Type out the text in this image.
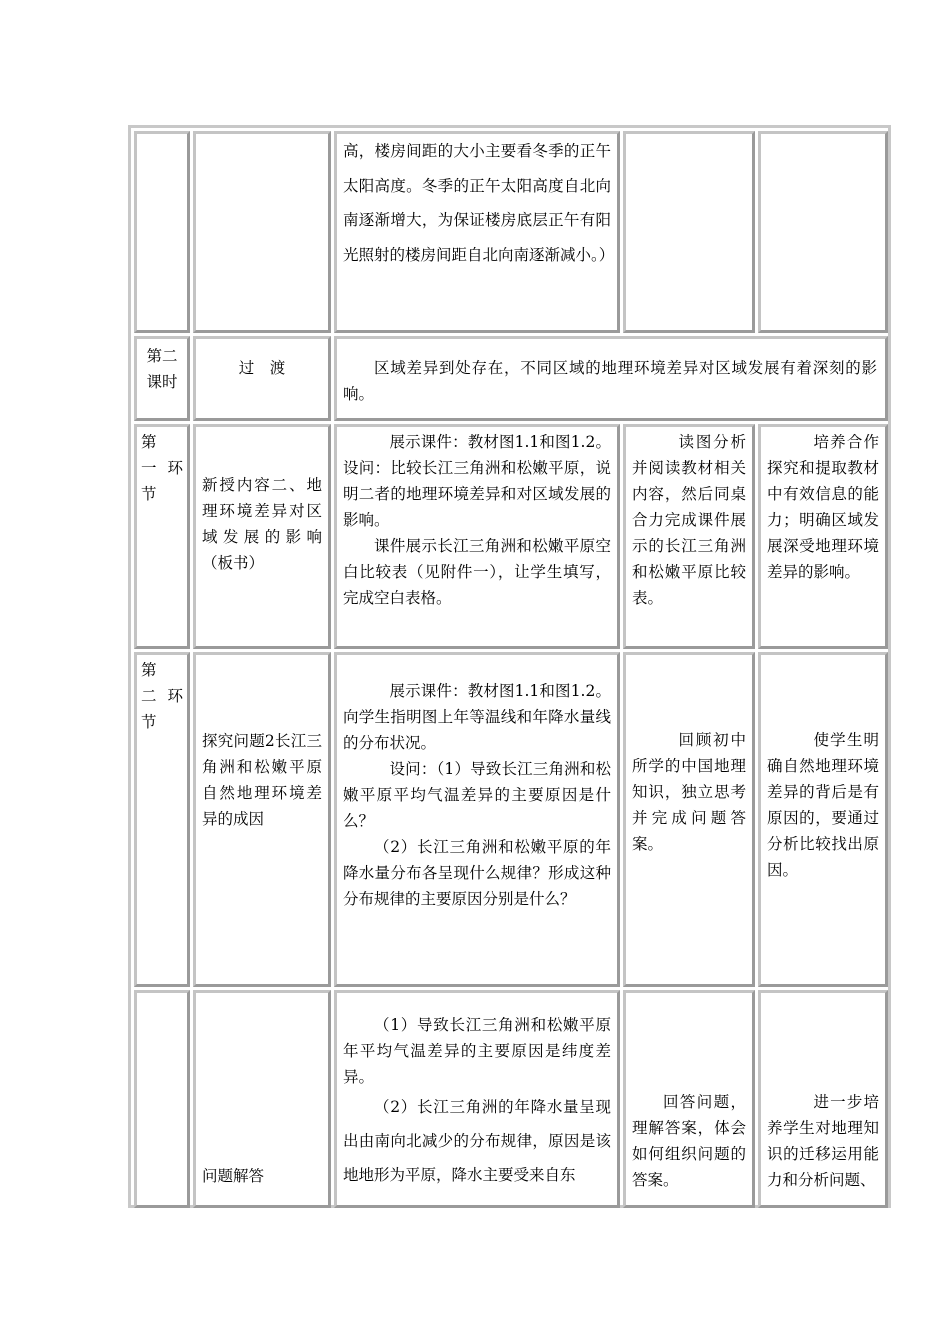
高，楼房间距的大小主要看冬季的正午太阳高度。冬季的正午太阳高度自北向南逐渐增大，为保证楼房底层正午有阳光照射的楼房间距自北向南逐渐减小。）

第二课时

过　渡	区域差异到处存在，不同区域的地理环境差异对区域发展有着深刻的影响。

第　一环节	新授内容二、地理环境差异对区域发展的影响（板书）

展示课件：教材图1.1和图1.2。设问：比较长江三角洲和松嫩平原，说明二者的地理环境差异和对区域发展的影响。

课件展示长江三角洲和松嫩平原空白比较表（见附件一），让学生填写，完成空白表格。

读图分析并阅读教材相关内容，然后同桌合力完成课件展示的长江三角洲和松嫩平原比较表。

培养合作探究和提取教材中有效信息的能力；明确区域发展深受地理环境差异的影响。

第　二环节

探究问题2长江三角洲和松嫩平原自然地理环境差异的成因

展示课件：教材图1.1和图1.2。向学生指明图上年等温线和年降水量线的分布状况。

设问：（1）导致长江三角洲和松嫩平原平均气温差异的主要原因是什么？

（2）长江三角洲和松嫩平原的年降水量分布各呈现什么规律？形成这种分布规律的主要原因分别是什么？

回顾初中所学的中国地理知识，独立思考并完成问题答案。

使学生明确自然地理环境差异的背后是有原因的，要通过分析比较找出原因。

问题解答

（1）导致长江三角洲和松嫩平原年平均气温差异的主要原因是纬度差异。

（2）长江三角洲的年降水量呈现出由南向北减少的分布规律，原因是该地地形为平原，降水主要受来自东

回答问题，理解答案，体会如何组织问题的答案。

进一步培养学生对地理知识的迁移运用能力和分析问题、
